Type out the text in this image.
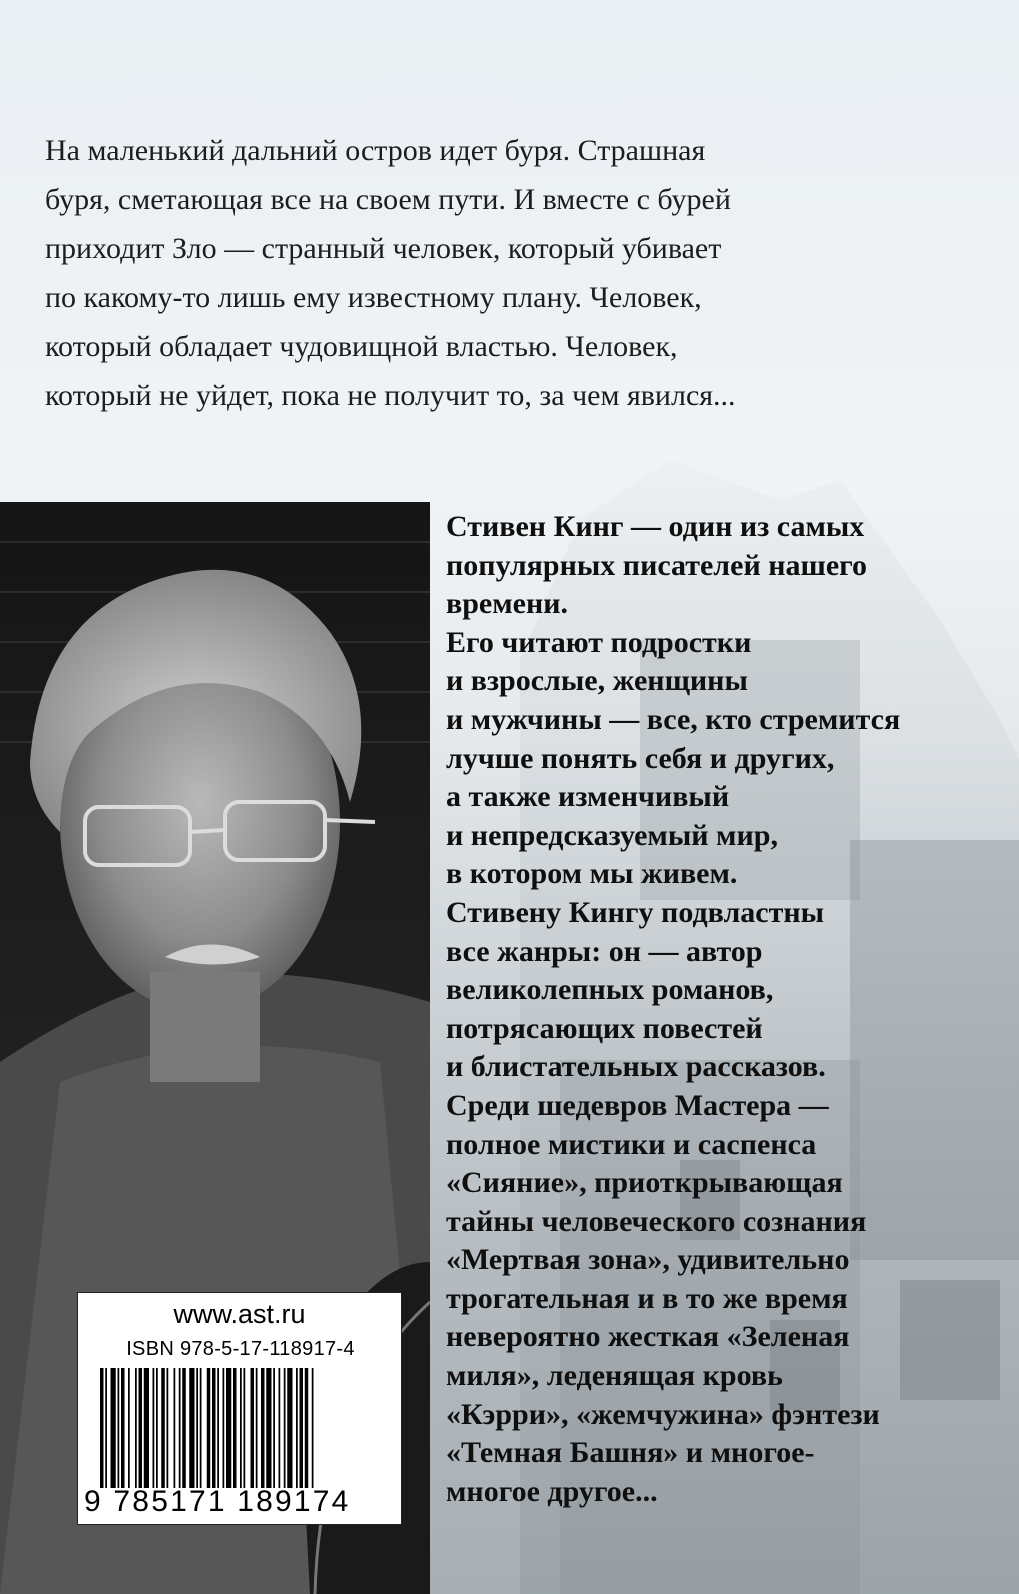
На маленький дальний остров идет буря. Страшная
буря, сметающая все на своем пути. И вместе с бурей
приходит Зло — странный человек, который убивает
по какому-то лишь ему известному плану. Человек,
который обладает чудовищной властью. Человек,
который не уйдет, пока не получит то, за чем явился...
Стивен Кинг — один из самых
популярных писателей нашего
времени.
Его читают подростки
и взрослые, женщины
и мужчины — все, кто стремится
лучше понять себя и других,
а также изменчивый
и непредсказуемый мир,
в котором мы живем.
Стивену Кингу подвластны
все жанры: он — автор
великолепных романов,
потрясающих повестей
и блистательных рассказов.
Среди шедевров Мастера —
полное мистики и саспенса
«Сияние», приоткрывающая
тайны человеческого сознания
«Мертвая зона», удивительно
трогательная и в то же время
невероятно жесткая «Зеленая
миля», леденящая кровь
«Кэрри», «жемчужина» фэнтези
«Темная Башня» и многое-
многое другое...
www.ast.ru
ISBN 978-5-17-118917-4
9 785171 189174
